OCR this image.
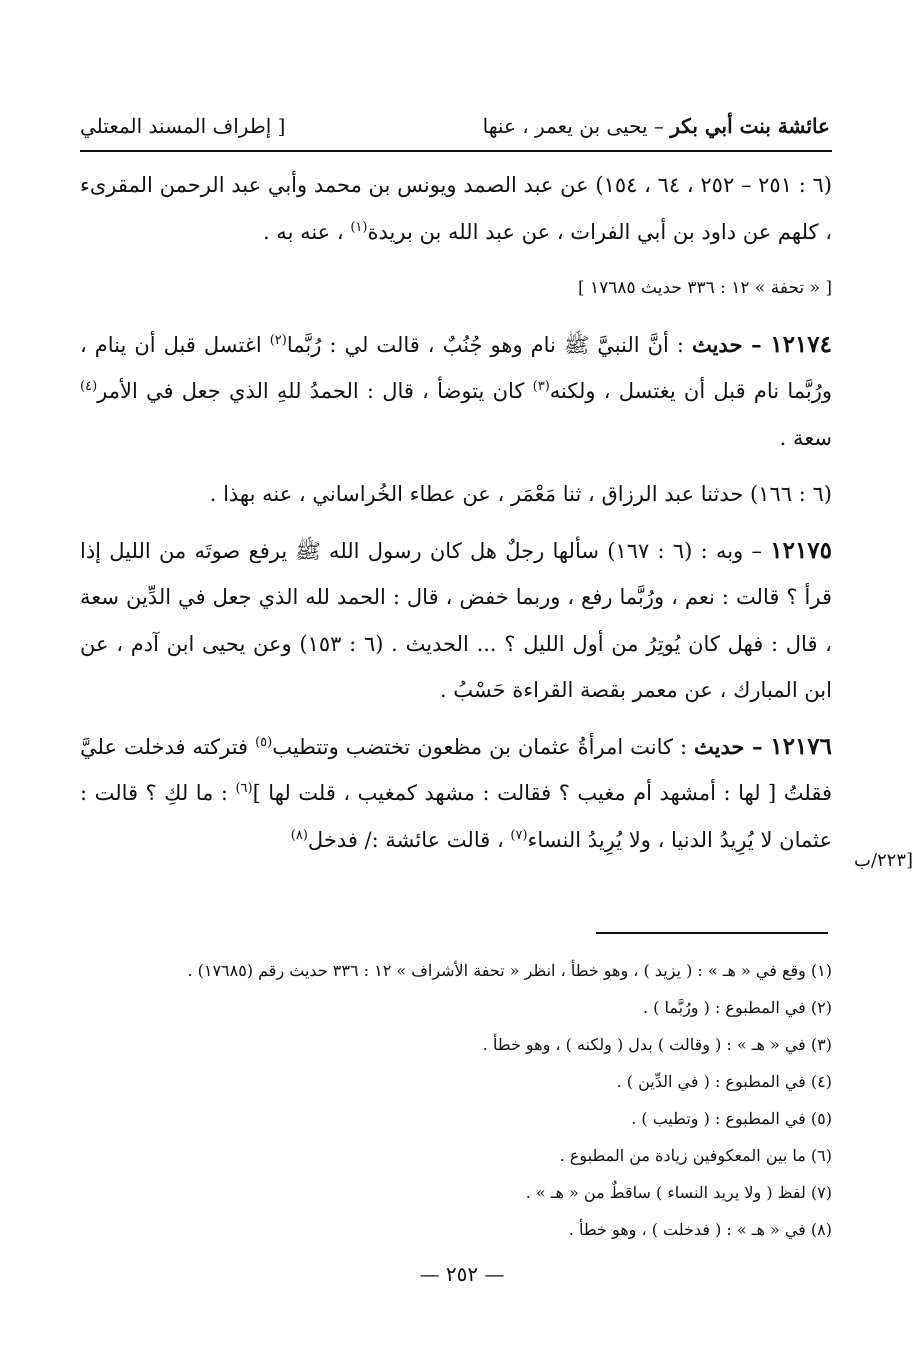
عائشة بنت أبي بكر – يحيى بن يعمر ، عنها
[ إطراف المسند المعتلي

(٦ : ٢٥١ – ٢٥٢ ، ٦٤ ، ١٥٤) عن عبد الصمد ويونس بن محمد وأبي عبد الرحمن المقرىء ، كلهم عن داود بن أبي الفرات ، عن عبد الله بن بريدة$^{(١)}$ ، عنه به .

[ « تحفة » ١٢ : ٣٣٦ حديث ١٧٦٨٥ ]

١٢١٧٤ – حديث : أنَّ النبيَّ ﷺ نام وهو جُنُبٌ ، قالت لي : رُبَّما$^{(٢)}$ اغتسل قبل أن ينام ، ورُبَّما نام قبل أن يغتسل ، ولكنه$^{(٣)}$ كان يتوضأ ، قال : الحمدُ للهِ الذي جعل في الأمر$^{(٤)}$ سعة .

(٦ : ١٦٦) حدثنا عبد الرزاق ، ثنا مَعْمَر ، عن عطاء الخُراساني ، عنه بهذا .

١٢١٧٥ – وبه : (٦ : ١٦٧) سألها رجلٌ هل كان رسول الله ﷺ يرفع صوتَه من الليل إذا قرأ ؟ قالت : نعم ، ورُبَّما رفع ، وربما خفض ، قال : الحمد لله الذي جعل في الدِّين سعة ، قال : فهل كان يُوتِرُ من أول الليل ؟ ... الحديث . (٦ : ١٥٣) وعن يحيى ابن آدم ، عن ابن المبارك ، عن معمر بقصة القراءة حَسْبُ .

١٢١٧٦ – حديث : كانت امرأةُ عثمان بن مظعون تختضب وتتطيب$^{(٥)}$ فتركته فدخلت عليَّ فقلتُ [ لها : أمشهد أم مغيب ؟ فقالت : مشهد كمغيب ، قلت لها ]$^{(٦)}$ : ما لكِ ؟ قالت : عثمان لا يُرِيدُ الدنيا ، ولا يُرِيدُ النساء$^{(٧)}$ ، قالت عائشة :/ فدخل$^{(٨)}$

٢٢٣/ب]
(١) وقع في « هـ » : ( يزيد ) ، وهو خطأ ، انظر « تحفة الأشراف » ١٢ : ٣٣٦ حديث رقم (١٧٦٨٥) .
(٢) في المطبوع : ( ورُبَّما ) .
(٣) في « هـ » : ( وقالت ) بدل ( ولكنه ) ، وهو خطأ .
(٤) في المطبوع : ( في الدِّين ) .
(٥) في المطبوع : ( وتطيب ) .
(٦) ما بين المعكوفين زيادة من المطبوع .
(٧) لفظ ( ولا يريد النساء ) ساقطٌ من « هـ » .
(٨) في « هـ » : ( فدخلت ) ، وهو خطأ .
— ٢٥٢ —
